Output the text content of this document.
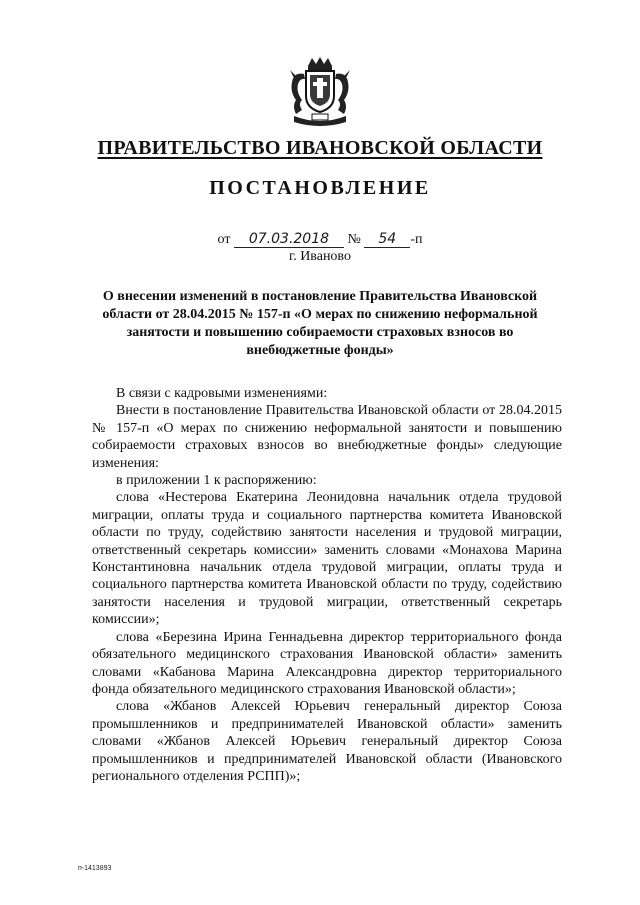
ПРАВИТЕЛЬСТВО ИВАНОВСКОЙ ОБЛАСТИ
ПОСТАНОВЛЕНИЕ
от 07.03.2018 № 54 -п
г. Иваново
О внесении изменений в постановление Правительства Ивановской области от 28.04.2015 № 157-п «О мерах по снижению неформальной занятости и повышению собираемости страховых взносов во внебюджетные фонды»

В связи с кадровыми изменениями:

Внести в постановление Правительства Ивановской области от 28.04.2015 № 157-п «О мерах по снижению неформальной занятости и повышению собираемости страховых взносов во внебюджетные фонды» следующие изменения:

в приложении 1 к распоряжению:

слова «Нестерова Екатерина Леонидовна начальник отдела трудовой миграции, оплаты труда и социального партнерства комитета Ивановской области по труду, содействию занятости населения и трудовой миграции, ответственный секретарь комиссии» заменить словами «Монахова Марина Константиновна начальник отдела трудовой миграции, оплаты труда и социального партнерства комитета Ивановской области по труду, содействию занятости населения и трудовой миграции, ответственный секретарь комиссии»;

слова «Березина Ирина Геннадьевна директор территориального фонда обязательного медицинского страхования Ивановской области» заменить словами «Кабанова Марина Александровна директор территориального фонда обязательного медицинского страхования Ивановской области»;

слова «Жбанов Алексей Юрьевич генеральный директор Союза промышленников и предпринимателей Ивановской области» заменить словами «Жбанов Алексей Юрьевич генеральный директор Союза промышленников и предпринимателей Ивановской области (Ивановского регионального отделения РСПП)»;

п-1413893
